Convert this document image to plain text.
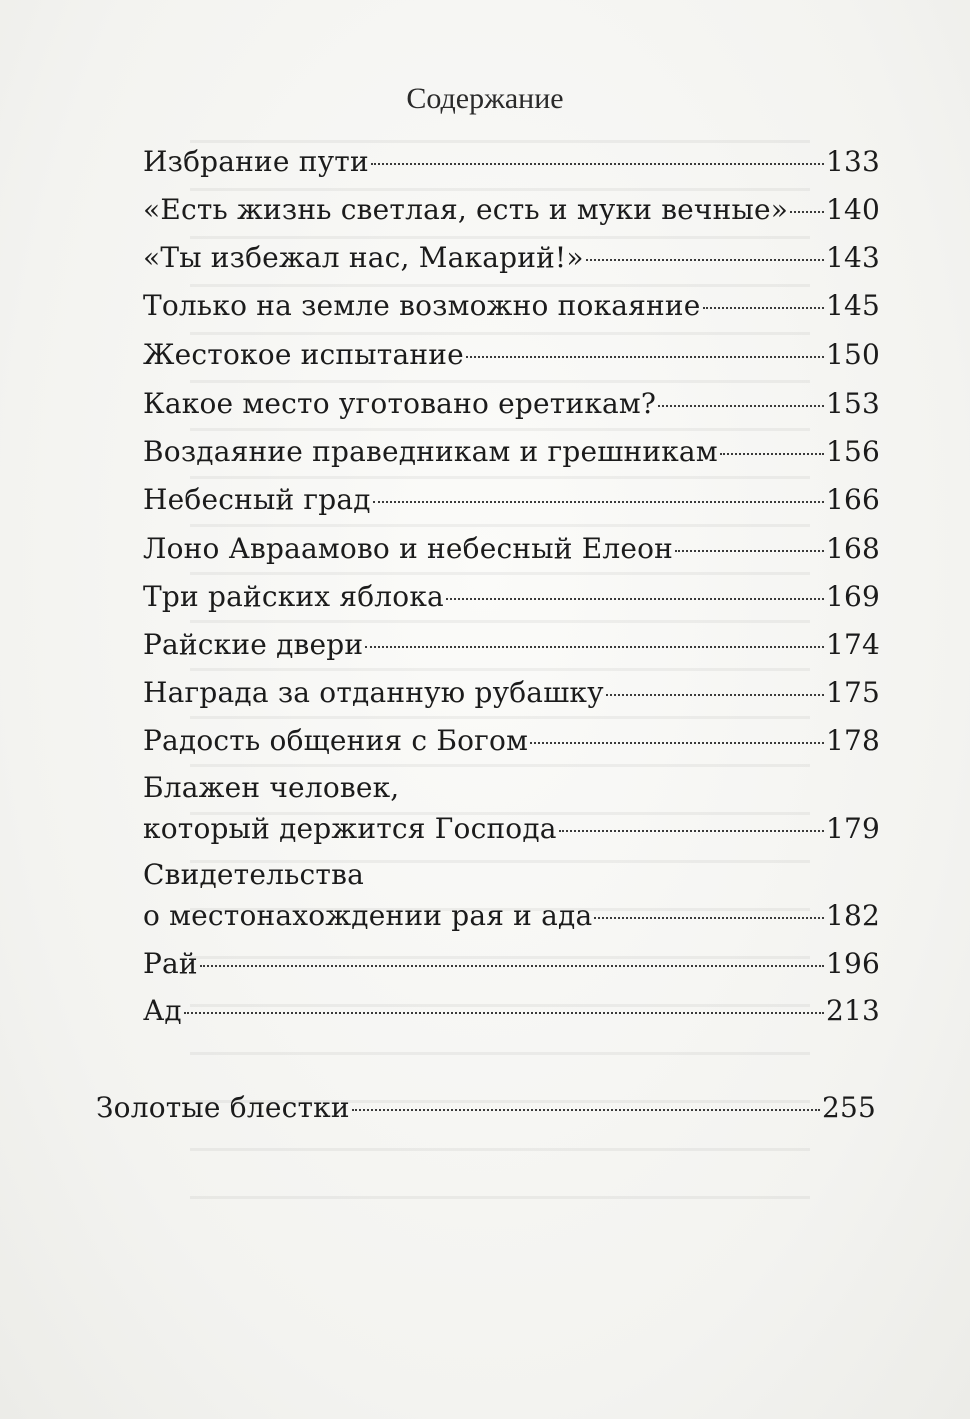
Содержание
Избрание пути	133
«Есть жизнь светлая, есть и муки вечные» 140
«Ты избежал нас, Макарий!»	143
Только на земле возможно покаяние	145
Жестокое испытание	150
Какое место уготовано еретикам?	153
Воздаяние праведникам и грешникам	156
Небесный град	166
Лоно Авраамово и небесный Елеон	168
Три райских яблока	169
Райские двери	174
Награда за отданную рубашку	175
Радость общения с Богом	178
Блажен человек,
который держится Господа	179
Свидетельства
о местонахождении рая и ада	182
Рай	196
Ад	213
Золотые блестки	255
